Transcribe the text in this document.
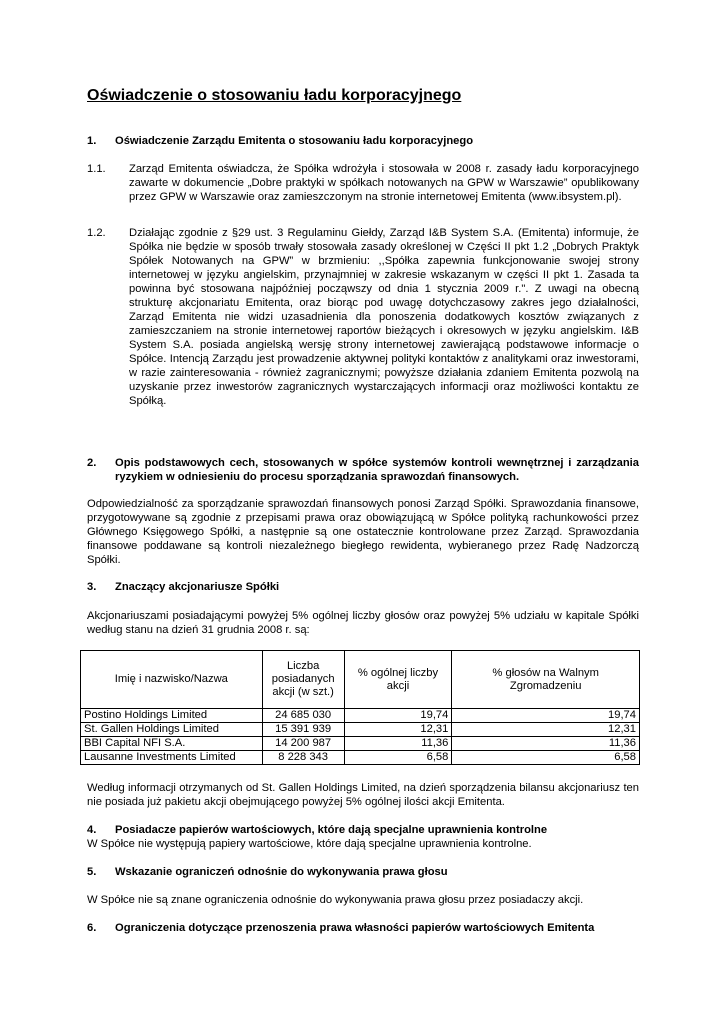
Oświadczenie o stosowaniu ładu korporacyjnego
1.	Oświadczenie Zarządu Emitenta o stosowaniu ładu korporacyjnego
1.1.	Zarząd Emitenta oświadcza, że Spółka wdrożyła i stosowała w 2008 r. zasady ładu korporacyjnego zawarte w dokumencie „Dobre praktyki w spółkach notowanych na GPW w Warszawie” opublikowany przez GPW w Warszawie oraz zamieszczonym na stronie internetowej Emitenta (www.ibsystem.pl).
1.2.	Działając zgodnie z §29 ust. 3 Regulaminu Giełdy, Zarząd I&B System S.A. (Emitenta) informuje, że Spółka nie będzie w sposób trwały stosowała zasady określonej w Części II pkt 1.2 „Dobrych Praktyk Spółek Notowanych na GPW” w brzmieniu: ,,Spółka zapewnia funkcjonowanie swojej strony internetowej w języku angielskim, przynajmniej w zakresie wskazanym w części II pkt 1. Zasada ta powinna być stosowana najpóźniej począwszy od dnia 1 stycznia 2009 r.". Z uwagi na obecną strukturę akcjonariatu Emitenta, oraz biorąc pod uwagę dotychczasowy zakres jego działalności, Zarząd Emitenta nie widzi uzasadnienia dla ponoszenia dodatkowych kosztów związanych z zamieszczaniem na stronie internetowej raportów bieżących i okresowych w języku angielskim. I&B System S.A. posiada angielską wersję strony internetowej zawierającą podstawowe informacje o Spółce. Intencją Zarządu jest prowadzenie aktywnej polityki kontaktów z analitykami oraz inwestorami, w razie zainteresowania - również zagranicznymi; powyższe działania zdaniem Emitenta pozwolą na uzyskanie przez inwestorów zagranicznych wystarczających informacji oraz możliwości kontaktu ze Spółką.
2.	Opis podstawowych cech, stosowanych w spółce systemów kontroli wewnętrznej i zarządzania ryzykiem w odniesieniu do procesu sporządzania sprawozdań finansowych.

Odpowiedzialność za sporządzanie sprawozdań finansowych ponosi Zarząd Spółki. Sprawozdania finansowe, przygotowywane są zgodnie z przepisami prawa oraz obowiązującą w Spółce polityką rachunkowości przez Głównego Księgowego Spółki, a następnie są one ostatecznie kontrolowane przez Zarząd. Sprawozdania finansowe poddawane są kontroli niezależnego biegłego rewidenta, wybieranego przez Radę Nadzorczą Spółki.

3.	Znaczący akcjonariusze Spółki

Akcjonariuszami posiadającymi powyżej 5% ogólnej liczby głosów oraz powyżej 5% udziału w kapitale Spółki według stanu na dzień 31 grudnia 2008 r. są:

Imię i nazwisko/Nazwa	Liczba posiadanych akcji (w szt.)	% ogólnej liczby akcji	% głosów na Walnym Zgromadzeniu
Postino Holdings Limited	24 685 030	19,74	19,74
St. Gallen Holdings Limited	15 391 939	12,31	12,31
BBI Capital NFI S.A.	14 200 987	11,36	11,36
Lausanne Investments Limited	8 228 343	6,58	6,58

Według informacji otrzymanych od St. Gallen Holdings Limited, na dzień sporządzenia bilansu akcjonariusz ten nie posiada już pakietu akcji obejmującego powyżej 5% ogólnej ilości akcji Emitenta.

4.	Posiadacze papierów wartościowych, które dają specjalne uprawnienia kontrolne

W Spółce nie występują papiery wartościowe, które dają specjalne uprawnienia kontrolne.

5.	Wskazanie ograniczeń odnośnie do wykonywania prawa głosu

W Spółce nie są znane ograniczenia odnośnie do wykonywania prawa głosu przez posiadaczy akcji.

6.	Ograniczenia dotyczące przenoszenia prawa własności papierów wartościowych Emitenta
